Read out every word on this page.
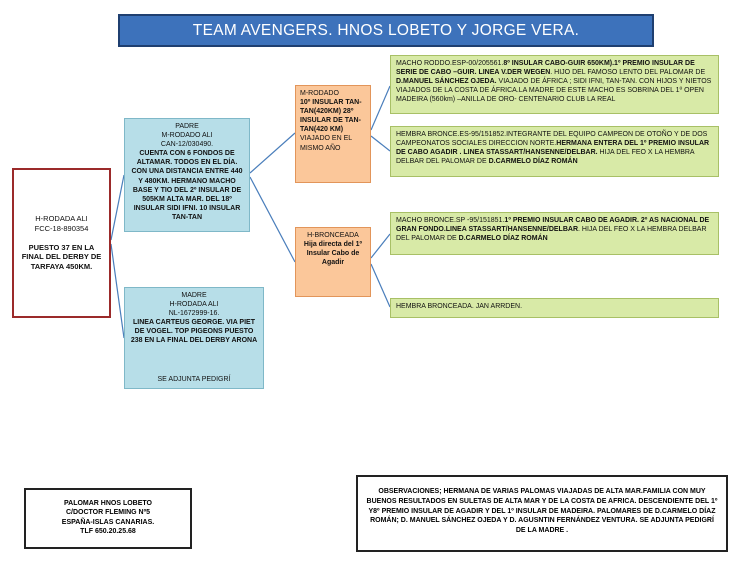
TEAM AVENGERS. HNOS LOBETO Y JORGE VERA.
H-RODADA ALI
FCC-18-890354
PUESTO 37 EN LA FINAL DEL DERBY DE TARFAYA 450KM.
PADRE
M-RODADO ALI
CAN-12/030490.
CUENTA CON 6 FONDOS DE ALTAMAR. TODOS EN EL DÍA. CON UNA DISTANCIA ENTRE 440 Y 480KM. HERMANO MACHO BASE Y TIO DEL 2º INSULAR DE 505KM ALTA MAR. DEL 18º INSULAR SIDI IFNI. 10 INSULAR TAN-TAN
MADRE
H-RODADA ALI
NL-1672999-16.
LINEA CARTEUS GEORGE. VIA PIET DE VOGEL. TOP PIGEONS PUESTO 238 EN LA FINAL DEL DERBY ARONA
SE ADJUNTA PEDIGRÍ
M-RODADO
10º INSULAR TAN-TAN(420KM) 28º INSULAR DE TAN-TAN(420 KM)
VIAJADO EN EL MISMO AÑO
H-BRONCEADA
Hija directa del 1º Insular Cabo de Agadir
MACHO RODDO.ESP-00/205561.8º INSULAR CABO-GUIR 650KM).1º PREMIO INSULAR DE SERIE DE CABO –GUIR. LINEA V.DER WEGEN. HIJO DEL FAMOSO LENTO DEL PALOMAR DE D.MANUEL SÁNCHEZ OJEDA. VIAJADO DE ÁFRICA ; SIDI IFNI, TAN-TAN. CON HIJOS Y NIETOS VIAJADOS DE LA COSTA DE ÁFRICA.LA MADRE DE ESTE MACHO ES SOBRINA DEL 1º OPEN MADEIRA (560km) –ANILLA DE ORO- CENTENARIO CLUB LA REAL
HEMBRA BRONCE.ES-95/151852.INTEGRANTE DEL EQUIPO CAMPEON DE OTOÑO Y DE DOS CAMPEONATOS SOCIALES DIRECCION NORTE.HERMANA ENTERA DEL 1º PREMIO INSULAR DE CABO AGADIR . LINEA STASSART/HANSENNE/DELBAR. HIJA DEL FEO X LA HEMBRA DELBAR DEL PALOMAR DE D.CARMELO DÍAZ ROMÁN
MACHO BRONCE.SP -95/151851.1º PREMIO INSULAR CABO DE AGADIR. 2º AS NACIONAL DE GRAN FONDO.LINEA STASSART/HANSENNE/DELBAR. HIJA DEL FEO X LA HEMBRA DELBAR DEL PALOMAR DE D.CARMELO DÍAZ ROMÁN
HEMBRA BRONCEADA. JAN ARRDEN.
PALOMAR HNOS LOBETO
C/DOCTOR FLEMING Nº5
ESPAÑA-ISLAS CANARIAS.
TLF 650.20.25.68
OBSERVACIONES; HERMANA DE VARIAS PALOMAS VIAJADAS DE ALTA MAR.FAMILIA CON MUY BUENOS RESULTADOS EN SULETAS DE ALTA MAR Y DE LA COSTA DE AFRICA. DESCENDIENTE DEL 1º Y8º PREMIO INSULAR DE AGADIR Y DEL 1º INSULAR DE MADEIRA. PALOMARES DE D.CARMELO DÍAZ ROMÁN; D. MANUEL SÁNCHEZ OJEDA Y D. AGUSNTIN FERNÁNDEZ VENTURA. SE ADJUNTA PEDIGRÍ DE LA MADRE .
